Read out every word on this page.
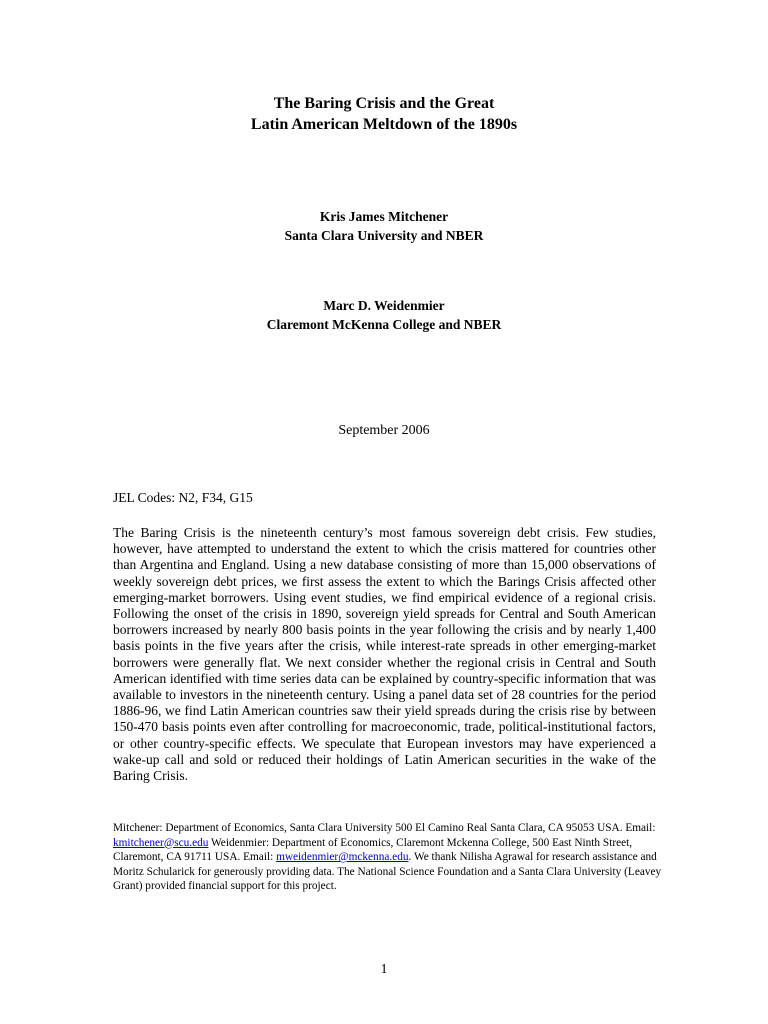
The Baring Crisis and the Great
Latin American Meltdown of the 1890s
Kris James Mitchener
Santa Clara University and NBER
Marc D. Weidenmier
Claremont McKenna College and NBER
September 2006
JEL Codes: N2, F34, G15
The Baring Crisis is the nineteenth century’s most famous sovereign debt crisis. Few studies, however, have attempted to understand the extent to which the crisis mattered for countries other than Argentina and England. Using a new database consisting of more than 15,000 observations of weekly sovereign debt prices, we first assess the extent to which the Barings Crisis affected other emerging-market borrowers. Using event studies, we find empirical evidence of a regional crisis. Following the onset of the crisis in 1890, sovereign yield spreads for Central and South American borrowers increased by nearly 800 basis points in the year following the crisis and by nearly 1,400 basis points in the five years after the crisis, while interest-rate spreads in other emerging-market borrowers were generally flat. We next consider whether the regional crisis in Central and South American identified with time series data can be explained by country-specific information that was available to investors in the nineteenth century. Using a panel data set of 28 countries for the period 1886-96, we find Latin American countries saw their yield spreads during the crisis rise by between 150-470 basis points even after controlling for macroeconomic, trade, political-institutional factors, or other country-specific effects. We speculate that European investors may have experienced a wake-up call and sold or reduced their holdings of Latin American securities in the wake of the Baring Crisis.
Mitchener: Department of Economics, Santa Clara University 500 El Camino Real Santa Clara, CA 95053 USA. Email: kmitchener@scu.edu Weidenmier: Department of Economics, Claremont Mckenna College, 500 East Ninth Street, Claremont, CA 91711 USA. Email: mweidenmier@mckenna.edu. We thank Nilisha Agrawal for research assistance and Moritz Schularick for generously providing data. The National Science Foundation and a Santa Clara University (Leavey Grant) provided financial support for this project.
1
